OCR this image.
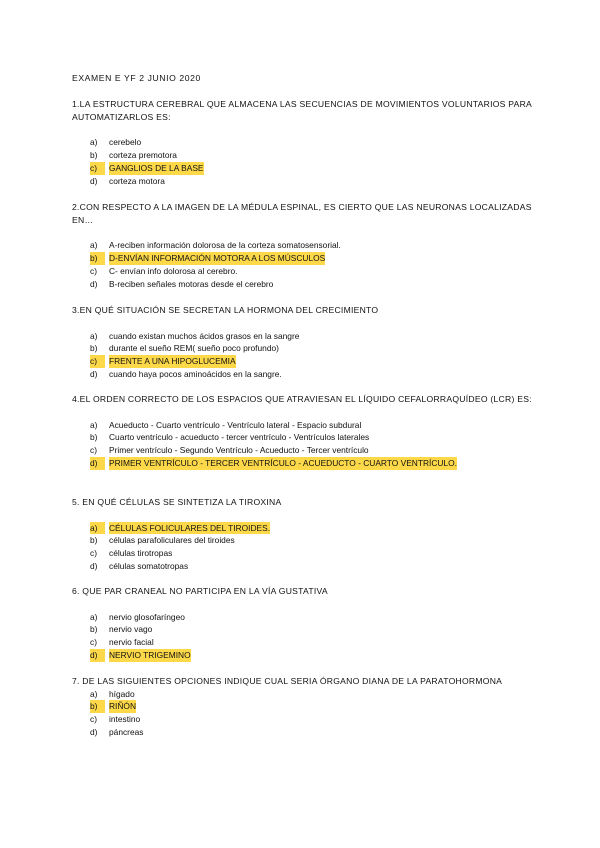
EXAMEN E YF 2 JUNIO 2020

1.LA ESTRUCTURA CEREBRAL QUE ALMACENA LAS SECUENCIAS DE MOVIMIENTOS VOLUNTARIOS PARA AUTOMATIZARLOS ES:

a) cerebelo
b) corteza premotora
c)	GANGLIOS DE LA BASE
d) corteza motora

2.CON RESPECTO A LA IMAGEN DE LA MÉDULA ESPINAL, ES CIERTO QUE LAS NEURONAS LOCALIZADAS EN…

a) A-reciben información dolorosa de la corteza somatosensorial.
b)	D-ENVÍAN INFORMACIÓN MOTORA A LOS MÚSCULOS
c) C- envían info dolorosa al cerebro.
d) B-reciben señales motoras desde el cerebro

3.EN QUÉ SITUACIÓN SE SECRETAN LA HORMONA DEL CRECIMIENTO

a) cuando existan muchos ácidos grasos en la sangre
b) durante el sueño REM( sueño poco profundo)
c)	FRENTE A UNA HIPOGLUCEMIA
d) cuando haya pocos aminoácidos en la sangre.

4.EL ORDEN CORRECTO DE LOS ESPACIOS QUE ATRAVIESAN EL LÍQUIDO CEFALORRAQUÍDEO (LCR) ES:

a) Acueducto - Cuarto ventrículo - Ventrículo lateral - Espacio subdural
b) Cuarto ventrículo - acueducto - tercer ventrículo - Ventrículos laterales
c) Primer ventrículo - Segundo Ventrículo - Acueducto - Tercer ventrículo
d)	PRIMER VENTRÍCULO - TERCER VENTRÍCULO - ACUEDUCTO - CUARTO VENTRÍCULO.

5. EN QUÉ CÉLULAS SE SINTETIZA LA TIROXINA

a)	CÉLULAS FOLICULARES DEL TIROIDES.
b) células parafoliculares del tiroides
c) células tirotropas
d) células somatotropas

6. QUE PAR CRANEAL NO PARTICIPA EN LA VÍA GUSTATIVA

a) nervio glosofaríngeo
b) nervio vago
c) nervio facial
d)	NERVIO TRIGEMINO

7. DE LAS SIGUIENTES OPCIONES INDIQUE CUAL SERIA ÓRGANO DIANA DE LA PARATOHORMONA

a) hígado
b)	RIÑÓN
c) intestino
d) páncreas
